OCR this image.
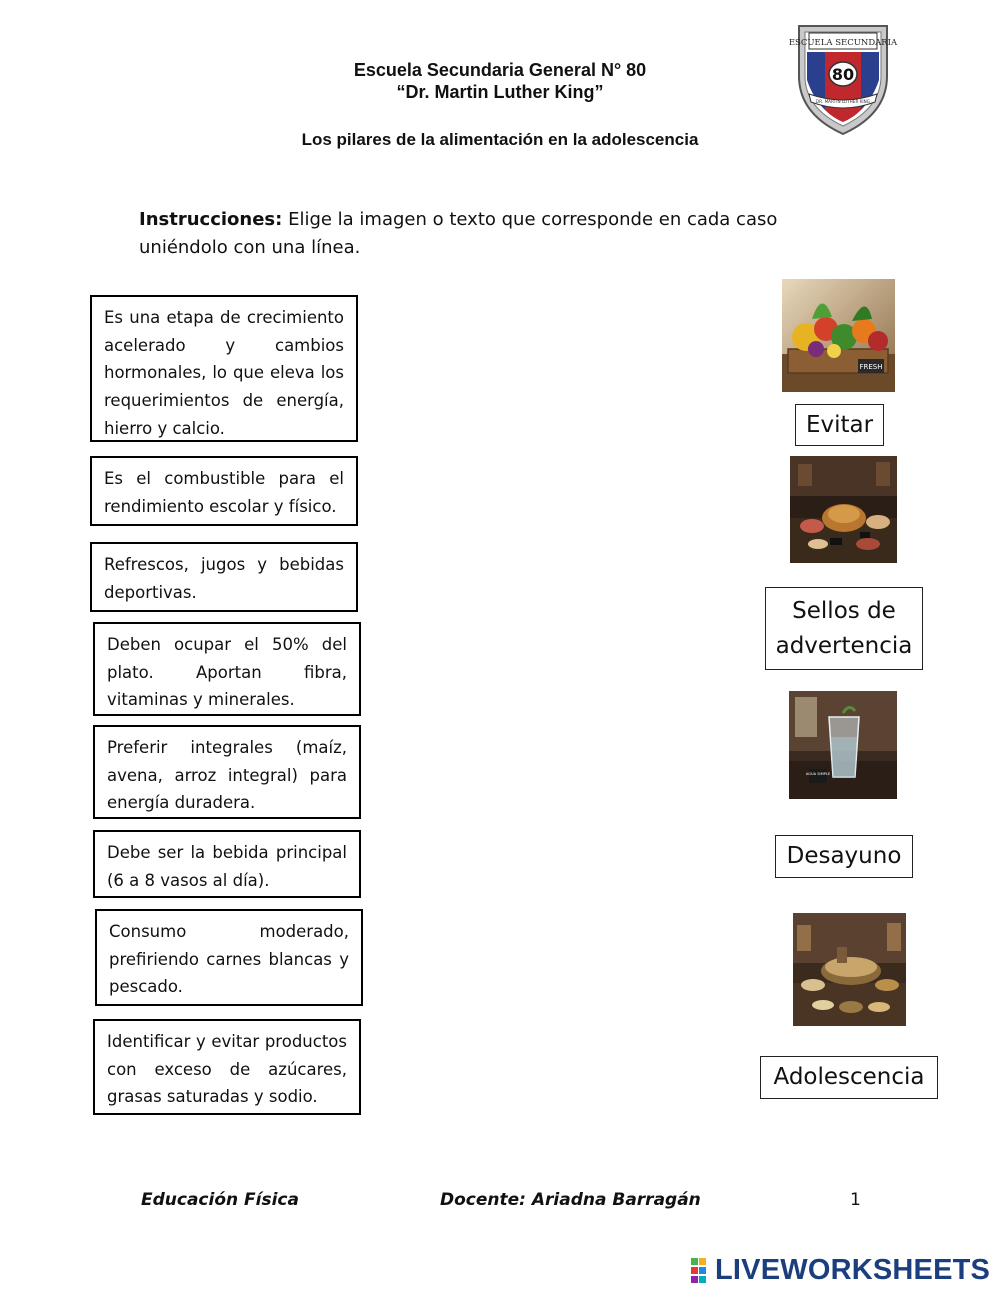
Escuela Secundaria General N° 80
“Dr. Martin Luther King”
Los pilares de la alimentación en la adolescencia
ESCUELA SECUNDARIA
80
DR. MARTIN LUTHER KING
Instrucciones: Elige la imagen o texto que corresponde en cada caso uniéndolo con una línea.
Es una etapa de crecimiento acelerado y cambios hormonales, lo que eleva los requerimientos de energía, hierro y calcio.
Es el combustible para el rendimiento escolar y físico.
Refrescos, jugos y bebidas deportivas.
Deben ocupar el 50% del plato. Aportan fibra, vitaminas y minerales.
Preferir integrales (maíz, avena, arroz integral) para energía duradera.
Debe ser la bebida principal (6 a 8 vasos al día).
Consumo moderado, prefiriendo carnes blancas y pescado.
Identificar y evitar productos con exceso de azúcares, grasas saturadas y sodio.
FRESH
Evitar
Sellos de advertencia
AGUA SIMPLE
Desayuno
Adolescencia
Educación Física	Docente: Ariadna Barragán	1
LIVEWORKSHEETS
